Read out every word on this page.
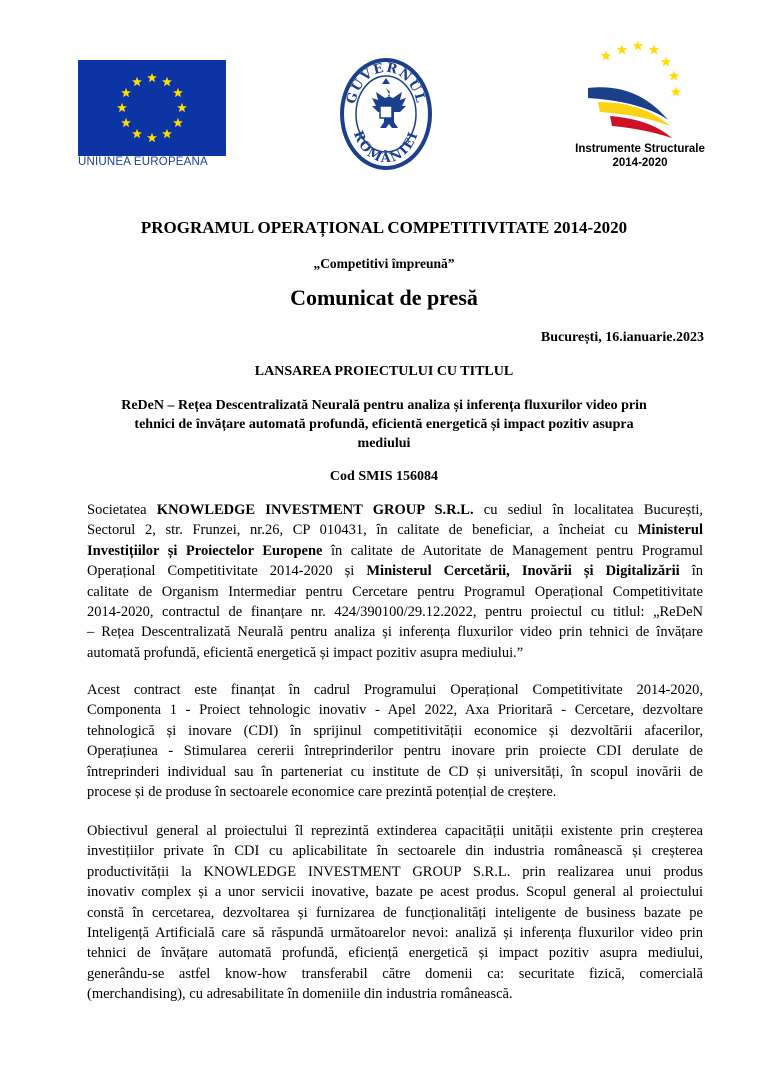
UNIUNEA EUROPEANĂ
GUVERNUL
ROMÂNIEI
Instrumente Structurale
2014-2020
PROGRAMUL OPERAȚIONAL COMPETITIVITATE 2014-2020
„Competitivi împreună”
Comunicat de presă
București, 16.ianuarie.2023
LANSAREA PROIECTULUI CU TITLUL
ReDeN – Rețea Descentralizată Neurală pentru analiza și inferența fluxurilor video prin
tehnici de învățare automată profundă, eficientă energetică și impact pozitiv asupra
mediului
Cod SMIS 156084
Societatea KNOWLEDGE INVESTMENT GROUP S.R.L. cu sediul în localitatea București,
Sectorul 2, str. Frunzei, nr.26, CP 010431, în calitate de beneficiar, a încheiat cu Ministerul
Investițiilor și Proiectelor Europene în calitate de Autoritate de Management pentru Programul
Operațional Competitivitate 2014-2020 și Ministerul Cercetării, Inovării și Digitalizării în
calitate de Organism Intermediar pentru Cercetare pentru Programul Operațional Competitivitate
2014-2020, contractul de finanțare nr. 424/390100/29.12.2022, pentru proiectul cu titlul: „ReDeN
– Rețea Descentralizată Neurală pentru analiza și inferența fluxurilor video prin tehnici de învățare
automată profundă, eficientă energetică și impact pozitiv asupra mediului.”
Acest contract este finanțat în cadrul Programului Operațional Competitivitate 2014-2020,
Componenta 1 - Proiect tehnologic inovativ - Apel 2022, Axa Prioritară - Cercetare, dezvoltare
tehnologică și inovare (CDI) în sprijinul competitivității economice și dezvoltării afacerilor,
Operațiunea - Stimularea cererii întreprinderilor pentru inovare prin proiecte CDI derulate de
întreprinderi individual sau în parteneriat cu institute de CD și universități, în scopul inovării de
procese și de produse în sectoarele economice care prezintă potențial de creștere.
Obiectivul general al proiectului îl reprezintă extinderea capacității unității existente prin creșterea
investițiilor private în CDI cu aplicabilitate în sectoarele din industria românească și creșterea
productivității la KNOWLEDGE INVESTMENT GROUP S.R.L. prin realizarea unui produs
inovativ complex și a unor servicii inovative, bazate pe acest produs. Scopul general al proiectului
constă în cercetarea, dezvoltarea și furnizarea de funcționalități inteligente de business bazate pe
Inteligență Artificială care să răspundă următoarelor nevoi: analiză și inferența fluxurilor video prin
tehnici de învățare automată profundă, eficiență energetică și impact pozitiv asupra mediului,
generându-se astfel know-how transferabil către domenii ca: securitate fizică, comercială
(merchandising), cu adresabilitate în domeniile din industria românească.
